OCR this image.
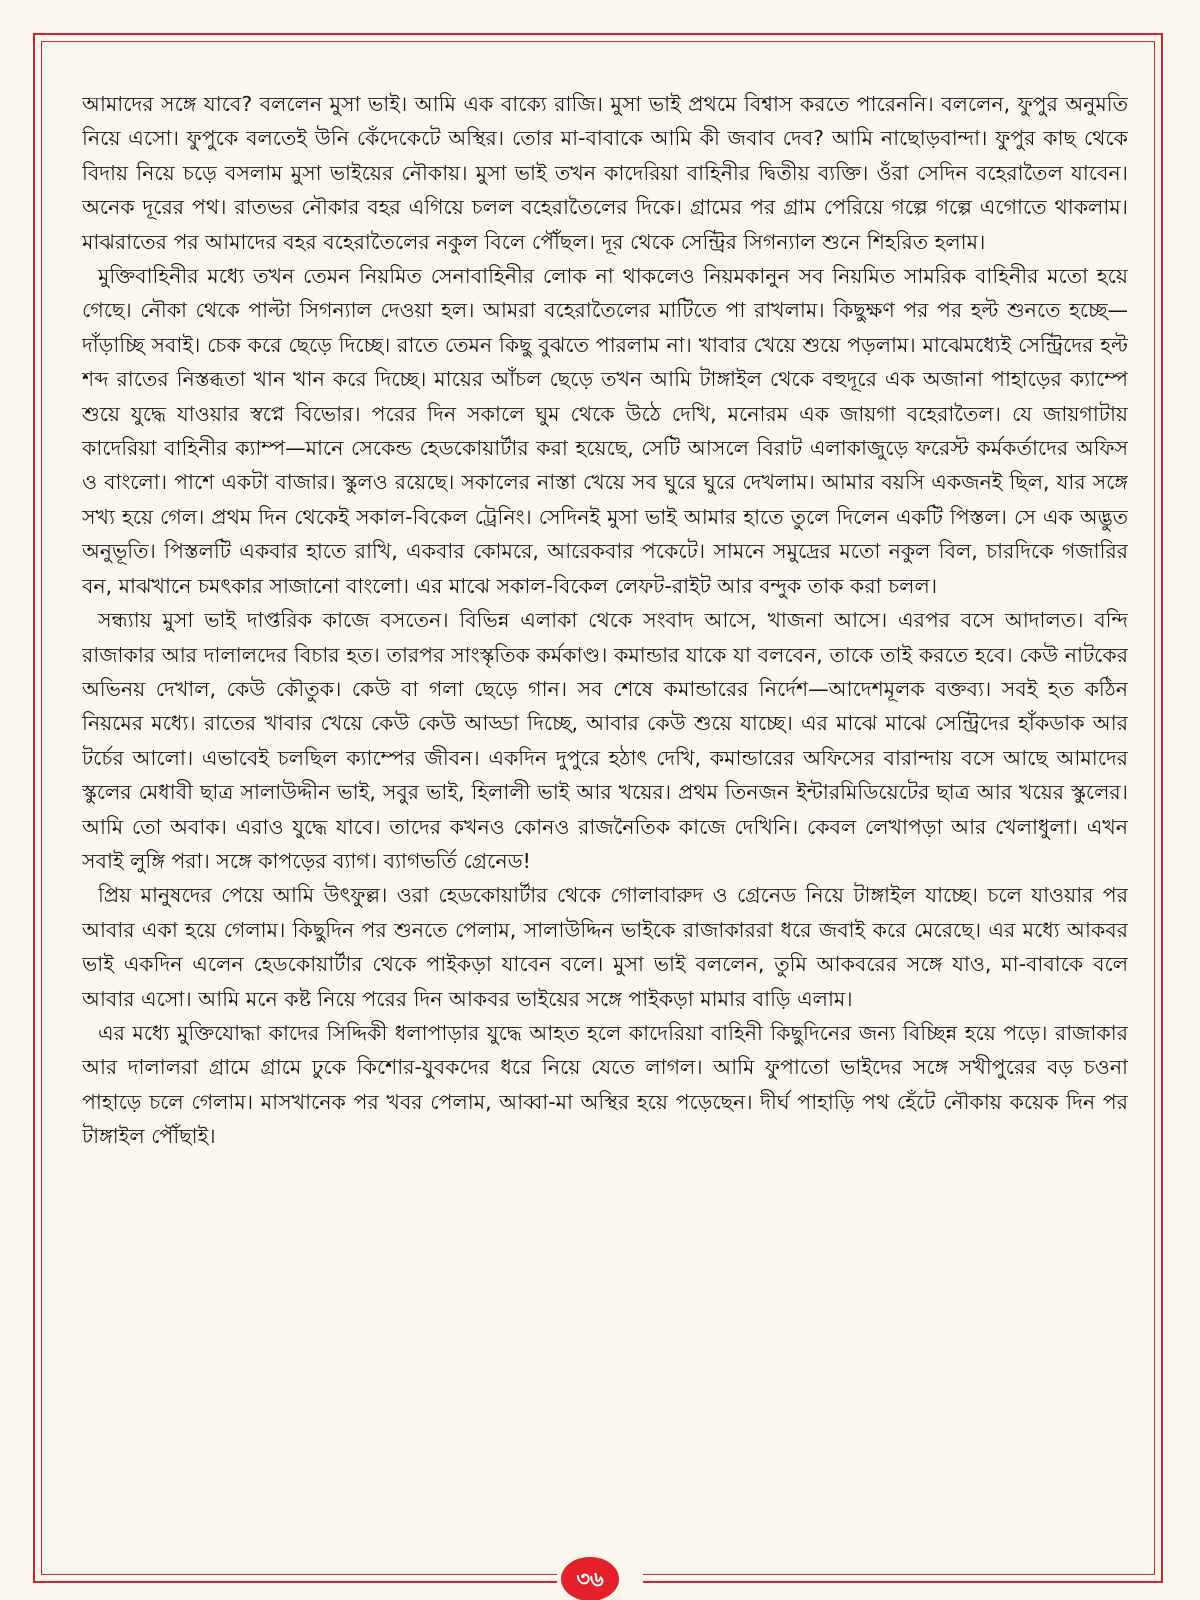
আমাদের সঙ্গে যাবে? বললেন মুসা ভাই। আমি এক বাক্যে রাজি। মুসা ভাই প্রথমে বিশ্বাস করতে পারেননি। বললেন, ফুপুর অনুমতি নিয়ে এসো। ফুপুকে বলতেই উনি কেঁদেকেটে অস্থির। তোর মা-বাবাকে আমি কী জবাব দেব? আমি নাছোড়বান্দা। ফুপুর কাছ থেকে বিদায় নিয়ে চড়ে বসলাম মুসা ভাইয়ের নৌকায়। মুসা ভাই তখন কাদেরিয়া বাহিনীর দ্বিতীয় ব্যক্তি। ওঁরা সেদিন বহেরাতৈল যাবেন। অনেক দূরের পথ। রাতভর নৌকার বহর এগিয়ে চলল বহেরাতৈলের দিকে। গ্রামের পর গ্রাম পেরিয়ে গল্পে গল্পে এগোতে থাকলাম। মাঝরাতের পর আমাদের বহর বহেরাতৈলের নকুল বিলে পৌঁছল। দূর থেকে সেন্ট্রির সিগন্যাল শুনে শিহরিত হলাম।

মুক্তিবাহিনীর মধ্যে তখন তেমন নিয়মিত সেনাবাহিনীর লোক না থাকলেও নিয়মকানুন সব নিয়মিত সামরিক বাহিনীর মতো হয়ে গেছে। নৌকা থেকে পাল্টা সিগন্যাল দেওয়া হল। আমরা বহেরাতৈলের মাটিতে পা রাখলাম। কিছুক্ষণ পর পর হল্ট শুনতে হচ্ছে—দাঁড়াচ্ছি সবাই। চেক করে ছেড়ে দিচ্ছে। রাতে তেমন কিছু বুঝতে পারলাম না। খাবার খেয়ে শুয়ে পড়লাম। মাঝেমধ্যেই সেন্ট্রিদের হল্ট শব্দ রাতের নিস্তব্ধতা খান খান করে দিচ্ছে। মায়ের আঁচল ছেড়ে তখন আমি টাঙ্গাইল থেকে বহুদূরে এক অজানা পাহাড়ের ক্যাম্পে শুয়ে যুদ্ধে যাওয়ার স্বপ্নে বিভোর। পরের দিন সকালে ঘুম থেকে উঠে দেখি, মনোরম এক জায়গা বহেরাতৈল। যে জায়গাটায় কাদেরিয়া বাহিনীর ক্যাম্প—মানে সেকেন্ড হেডকোয়ার্টার করা হয়েছে, সেটি আসলে বিরাট এলাকাজুড়ে ফরেস্ট কর্মকর্তাদের অফিস ও বাংলো। পাশে একটা বাজার। স্কুলও রয়েছে। সকালের নাস্তা খেয়ে সব ঘুরে ঘুরে দেখলাম। আমার বয়সি একজনই ছিল, যার সঙ্গে সখ্য হয়ে গেল। প্রথম দিন থেকেই সকাল-বিকেল ট্রেনিং। সেদিনই মুসা ভাই আমার হাতে তুলে দিলেন একটি পিস্তল। সে এক অদ্ভুত অনুভূতি। পিস্তলটি একবার হাতে রাখি, একবার কোমরে, আরেকবার পকেটে। সামনে সমুদ্রের মতো নকুল বিল, চারদিকে গজারির বন, মাঝখানে চমৎকার সাজানো বাংলো। এর মাঝে সকাল-বিকেল লেফট-রাইট আর বন্দুক তাক করা চলল।

সন্ধ্যায় মুসা ভাই দাপ্তরিক কাজে বসতেন। বিভিন্ন এলাকা থেকে সংবাদ আসে, খাজনা আসে। এরপর বসে আদালত। বন্দি রাজাকার আর দালালদের বিচার হত। তারপর সাংস্কৃতিক কর্মকাণ্ড। কমান্ডার যাকে যা বলবেন, তাকে তাই করতে হবে। কেউ নাটকের অভিনয় দেখাল, কেউ কৌতুক। কেউ বা গলা ছেড়ে গান। সব শেষে কমান্ডারের নির্দেশ—আদেশমূলক বক্তব্য। সবই হত কঠিন নিয়মের মধ্যে। রাতের খাবার খেয়ে কেউ কেউ আড্ডা দিচ্ছে, আবার কেউ শুয়ে যাচ্ছে। এর মাঝে মাঝে সেন্ট্রিদের হাঁকডাক আর টর্চের আলো। এভাবেই চলছিল ক্যাম্পের জীবন। একদিন দুপুরে হঠাৎ দেখি, কমান্ডারের অফিসের বারান্দায় বসে আছে আমাদের স্কুলের মেধাবী ছাত্র সালাউদ্দীন ভাই, সবুর ভাই, হিলালী ভাই আর খয়ের। প্রথম তিনজন ইন্টারমিডিয়েটের ছাত্র আর খয়ের স্কুলের। আমি তো অবাক। এরাও যুদ্ধে যাবে। তাদের কখনও কোনও রাজনৈতিক কাজে দেখিনি। কেবল লেখাপড়া আর খেলাধুলা। এখন সবাই লুঙ্গি পরা। সঙ্গে কাপড়ের ব্যাগ। ব্যাগভর্তি গ্রেনেড!

প্রিয় মানুষদের পেয়ে আমি উৎফুল্ল। ওরা হেডকোয়ার্টার থেকে গোলাবারুদ ও গ্রেনেড নিয়ে টাঙ্গাইল যাচ্ছে। চলে যাওয়ার পর আবার একা হয়ে গেলাম। কিছুদিন পর শুনতে পেলাম, সালাউদ্দিন ভাইকে রাজাকাররা ধরে জবাই করে মেরেছে। এর মধ্যে আকবর ভাই একদিন এলেন হেডকোয়ার্টার থেকে পাইকড়া যাবেন বলে। মুসা ভাই বললেন, তুমি আকবরের সঙ্গে যাও, মা-বাবাকে বলে আবার এসো। আমি মনে কষ্ট নিয়ে পরের দিন আকবর ভাইয়ের সঙ্গে পাইকড়া মামার বাড়ি এলাম।

এর মধ্যে মুক্তিযোদ্ধা কাদের সিদ্দিকী ধলাপাড়ার যুদ্ধে আহত হলে কাদেরিয়া বাহিনী কিছুদিনের জন্য বিচ্ছিন্ন হয়ে পড়ে। রাজাকার আর দালালরা গ্রামে গ্রামে ঢুকে কিশোর-যুবকদের ধরে নিয়ে যেতে লাগল। আমি ফুপাতো ভাইদের সঙ্গে সখীপুরের বড় চওনা পাহাড়ে চলে গেলাম। মাসখানেক পর খবর পেলাম, আব্বা-মা অস্থির হয়ে পড়েছেন। দীর্ঘ পাহাড়ি পথ হেঁটে নৌকায় কয়েক দিন পর টাঙ্গাইল পৌঁছাই।

৩৬
